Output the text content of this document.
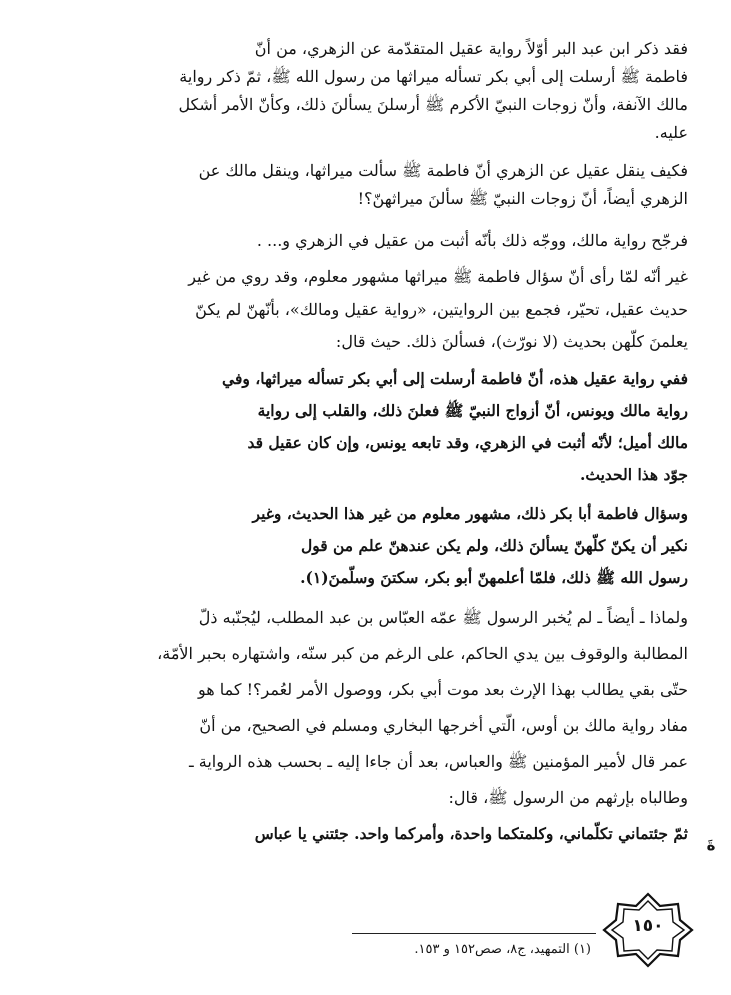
فقد ذكر ابن عبد البر أوّلاً رواية عقيل المتقدّمة عن الزهري، من أنّ
فاطمة ﷺ أرسلت إلى أبي بكر تسأله ميراثها من رسول الله ﷺ، ثمّ ذكر رواية
مالك الآنفة، وأنّ زوجات النبيّ الأكرم ﷺ أرسلنَ يسألنَ ذلك، وكأنّ الأمر أشكل
عليه.
فكيف ينقل عقيل عن الزهري أنّ فاطمة ﷺ سألت ميراثها، وينقل مالك عن
الزهري أيضاً، أنّ زوجات النبيّ ﷺ سألنَ ميراثهنّ؟!
فرجّح رواية مالك، ووجّه ذلك بأنّه أثبت من عقيل في الزهري و... .
غير أنّه لمّا رأى أنّ سؤال فاطمة ﷺ ميراثها مشهور معلوم، وقد روي من غير
حديث عقيل، تحيّر، فجمع بين الروايتين، «رواية عقيل ومالك»، بأنّهنّ لم يكنّ
يعلمنَ كلّهن بحديث (لا نورّث)، فسألنَ ذلك. حيث قال:
ففي رواية عقيل هذه، أنّ فاطمة أرسلت إلى أبي بكر تسأله ميراثها، وفي
رواية مالك ويونس، أنّ أزواج النبيّ ﷺ فعلنَ ذلك، والقلب إلى رواية
مالك أميل؛ لأنّه أثبت في الزهري، وقد تابعه يونس، وإن كان عقيل قد
جوّد هذا الحديث.
وسؤال فاطمة أبا بكر ذلك، مشهور معلوم من غير هذا الحديث، وغير
نكير أن يكنّ كلّهنّ يسألنَ ذلك، ولم يكن عندهنّ علم من قول
رسول الله ﷺ ذلك، فلمّا أعلمهنّ أبو بكر، سكتنَ وسلّمنَ(١).
ولماذا ـ أيضاً ـ لم يُخبر الرسول ﷺ عمّه العبّاس بن عبد المطلب، ليُجنّبه ذلّ
المطالبة والوقوف بين يدي الحاكم، على الرغم من كبر سنّه، واشتهاره بحبر الأمّة،
حتّى بقي يطالب بهذا الإرث بعد موت أبي بكر، ووصول الأمر لعُمر؟! كما هو
مفاد رواية مالك بن أوس، الّتي أخرجها البخاري ومسلم في الصحيح، من أنّ
عمر قال لأمير المؤمنين ﷺ والعباس، بعد أن جاءا إليه ـ بحسب هذه الرواية ـ
وطالباه بإرثهم من الرسول ﷺ، قال:
ثمّ جئتماني تكلّماني، وكلمتكما واحدة، وأمركما واحد. جئتني يا عباس
ةَ
(١) التمهيد، ج٨، صص١٥٢ و ١٥٣.
١٥٠
